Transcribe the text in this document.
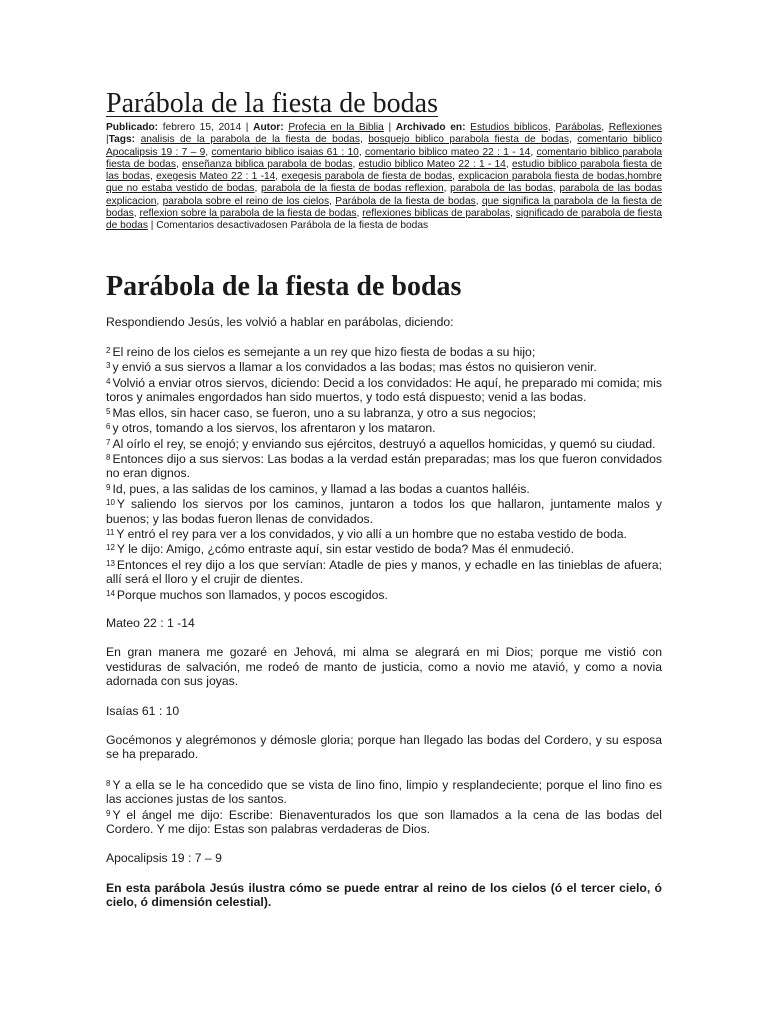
Parábola de la fiesta de bodas
Publicado: febrero 15, 2014 | Autor: Profecia en la Biblia | Archivado en: Estudios biblicos, Parábolas, Reflexiones |Tags: analisis de la parabola de la fiesta de bodas, bosquejo biblico parabola fiesta de bodas, comentario biblico Apocalipsis 19 : 7 – 9, comentario biblico isaias 61 : 10, comentario biblico mateo 22 : 1 - 14, comentario biblico parabola fiesta de bodas, enseñanza biblica parabola de bodas, estudio biblico Mateo 22 : 1 - 14, estudio biblico parabola fiesta de las bodas, exegesis Mateo 22 : 1 -14, exegesis parabola de fiesta de bodas, explicacion parabola fiesta de bodas,hombre que no estaba vestido de bodas, parabola de la fiesta de bodas reflexion, parabola de las bodas, parabola de las bodas explicacion, parabola sobre el reino de los cielos, Parábola de la fiesta de bodas, que significa la parabola de la fiesta de bodas, reflexion sobre la parabola de la fiesta de bodas, reflexiones biblicas de parabolas, significado de parabola de fiesta de bodas | Comentarios desactivadosen Parábola de la fiesta de bodas
Parábola de la fiesta de bodas

Respondiendo Jesús, les volvió a hablar en parábolas, diciendo:

$^2$ El reino de los cielos es semejante a un rey que hizo fiesta de bodas a su hijo;

$^3$ y envió a sus siervos a llamar a los convidados a las bodas; mas éstos no quisieron venir.

$^4$ Volvió a enviar otros siervos, diciendo: Decid a los convidados: He aquí, he preparado mi comida; mis toros y animales engordados han sido muertos, y todo está dispuesto; venid a las bodas.

$^5$ Mas ellos, sin hacer caso, se fueron, uno a su labranza, y otro a sus negocios;

$^6$ y otros, tomando a los siervos, los afrentaron y los mataron.

$^7$ Al oírlo el rey, se enojó; y enviando sus ejércitos, destruyó a aquellos homicidas, y quemó su ciudad.

$^8$ Entonces dijo a sus siervos: Las bodas a la verdad están preparadas; mas los que fueron convidados no eran dignos.

$^9$ Id, pues, a las salidas de los caminos, y llamad a las bodas a cuantos halléis.

$^{10}$ Y saliendo los siervos por los caminos, juntaron a todos los que hallaron, juntamente malos y buenos; y las bodas fueron llenas de convidados.

$^{11}$ Y entró el rey para ver a los convidados, y vio allí a un hombre que no estaba vestido de boda.

$^{12}$ Y le dijo: Amigo, ¿cómo entraste aquí, sin estar vestido de boda? Mas él enmudeció.

$^{13}$ Entonces el rey dijo a los que servían: Atadle de pies y manos, y echadle en las tinieblas de afuera; allí será el lloro y el crujir de dientes.

$^{14}$ Porque muchos son llamados, y pocos escogidos.

Mateo 22 : 1 -14

En gran manera me gozaré en Jehová, mi alma se alegrará en mi Dios; porque me vistió con vestiduras de salvación, me rodeó de manto de justicia, como a novio me atavió, y como a novia adornada con sus joyas.

Isaías 61 : 10

Gocémonos y alegrémonos y démosle gloria; porque han llegado las bodas del Cordero, y su esposa se ha preparado.

$^8$ Y a ella se le ha concedido que se vista de lino fino, limpio y resplandeciente; porque el lino fino es las acciones justas de los santos.

$^9$ Y el ángel me dijo: Escribe: Bienaventurados los que son llamados a la cena de las bodas del Cordero. Y me dijo: Estas son palabras verdaderas de Dios.

Apocalipsis 19 : 7 – 9

En esta parábola Jesús ilustra cómo se puede entrar al reino de los cielos (ó el tercer cielo, ó cielo, ó dimensión celestial).
